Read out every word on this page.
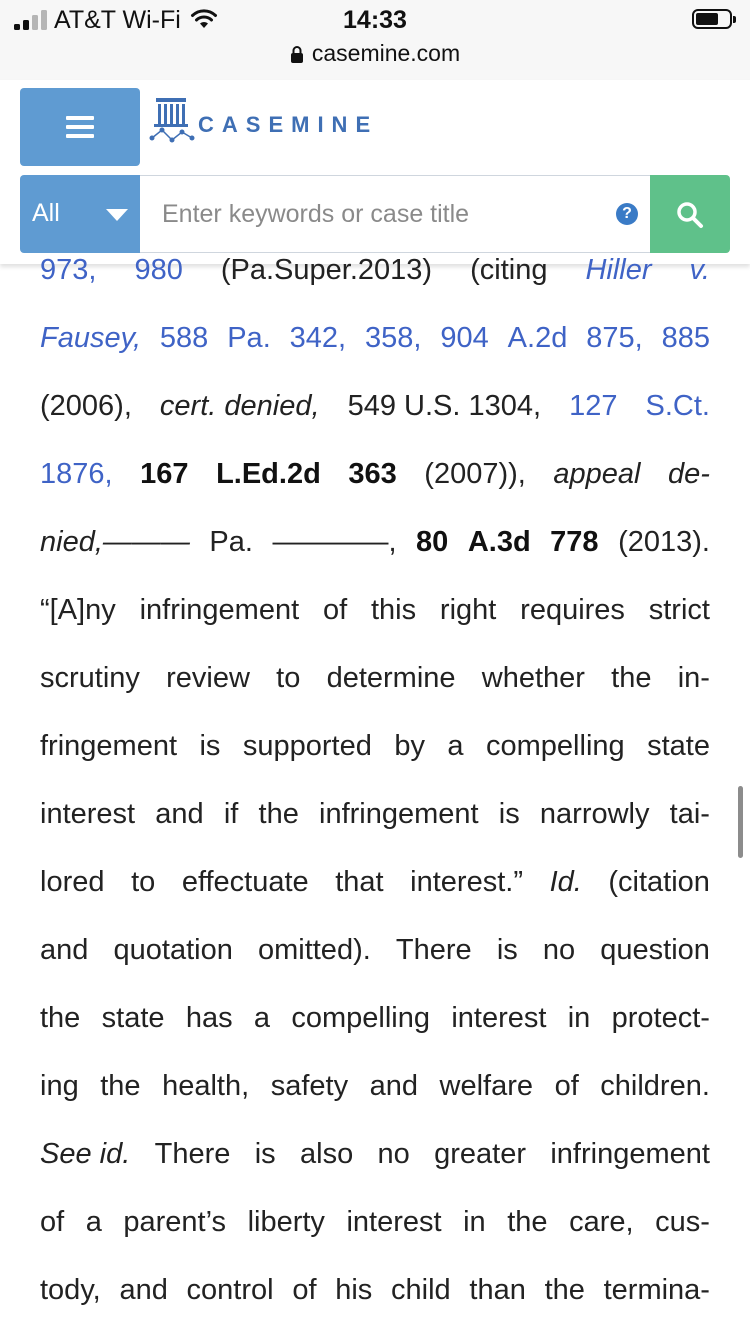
AT&T Wi-Fi	14:33
casemine.com
CASEMINE
All
Enter keywords or case title	?
973, 980 (Pa.Super.2013) (citing Hiller v.
Fausey, 588 Pa. 342, 358, 904 A.2d 875, 885
(2006), cert. denied, 549 U.S. 1304, 127 S.Ct.
1876, 167 L.Ed.2d 363 (2007)), appeal de-
nied,——— Pa. ————, 80 A.3d 778 (2013).
“[A]ny infringement of this right requires strict
scrutiny review to determine whether the in-
fringement is supported by a compelling state
interest and if the infringement is narrowly tai-
lored to effectuate that interest.” Id. (citation
and quotation omitted). There is no question
the state has a compelling interest in protect-
ing the health, safety and welfare of children.
See id. There is also no greater infringement
of a parent’s liberty interest in the care, cus-
tody, and control of his child than the termina-
